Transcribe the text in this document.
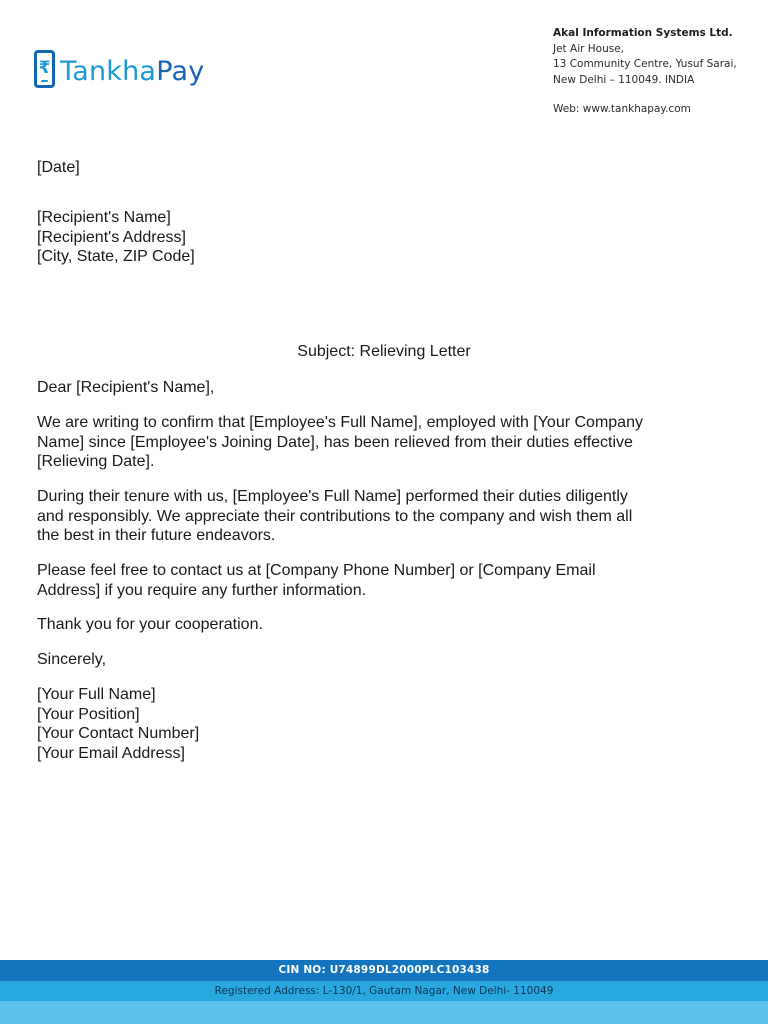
₹ TankhaPay
Akal Information Systems Ltd.
Jet Air House,
13 Community Centre, Yusuf Sarai,
New Delhi – 110049. INDIA
Web: www.tankhapay.com
[Date]
[Recipient's Name]
[Recipient's Address]
[City, State, ZIP Code]
Subject: Relieving Letter
Dear [Recipient's Name],
We are writing to confirm that [Employee's Full Name], employed with [Your Company
Name] since [Employee's Joining Date], has been relieved from their duties effective
[Relieving Date].
During their tenure with us, [Employee's Full Name] performed their duties diligently
and responsibly. We appreciate their contributions to the company and wish them all
the best in their future endeavors.
Please feel free to contact us at [Company Phone Number] or [Company Email
Address] if you require any further information.
Thank you for your cooperation.
Sincerely,
[Your Full Name]
[Your Position]
[Your Contact Number]
[Your Email Address]
CIN NO: U74899DL2000PLC103438
Registered Address: L-130/1, Gautam Nagar, New Delhi- 110049
